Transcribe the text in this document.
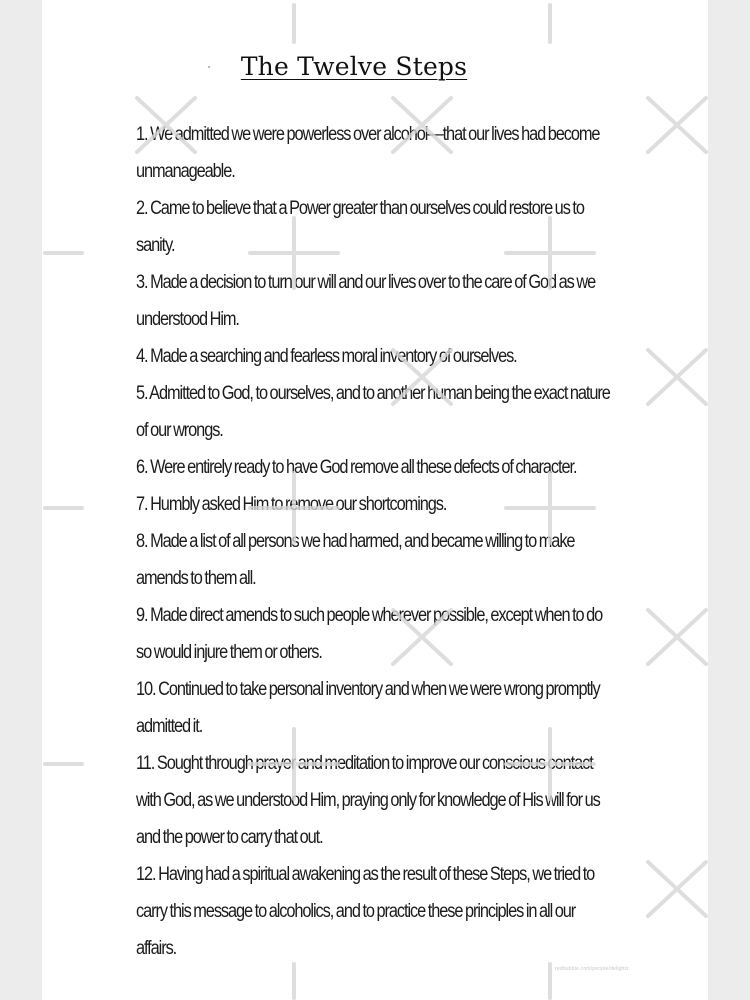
The Twelve Steps
1. We admitted we were powerless over alcohol—that our lives had become unmanageable.
2. Came to believe that a Power greater than ourselves could restore us to sanity.
3. Made a decision to turn our will and our lives over to the care of God as we understood Him.
4. Made a searching and fearless moral inventory of ourselves.
5. Admitted to God, to ourselves, and to another human being the exact nature of our wrongs.
6. Were entirely ready to have God remove all these defects of character.
7. Humbly asked Him to remove our shortcomings.
8. Made a list of all persons we had harmed, and became willing to make amends to them all.
9. Made direct amends to such people wherever possible, except when to do so would injure them or others.
10. Continued to take personal inventory and when we were wrong promptly admitted it.
11. Sought through prayer and meditation to improve our conscious contact with God, as we understood Him, praying only for knowledge of His will for us and the power to carry that out.
12. Having had a spiritual awakening as the result of these Steps, we tried to carry this message to alcoholics, and to practice these principles in all our affairs.
redbubble.com/people/delightz
